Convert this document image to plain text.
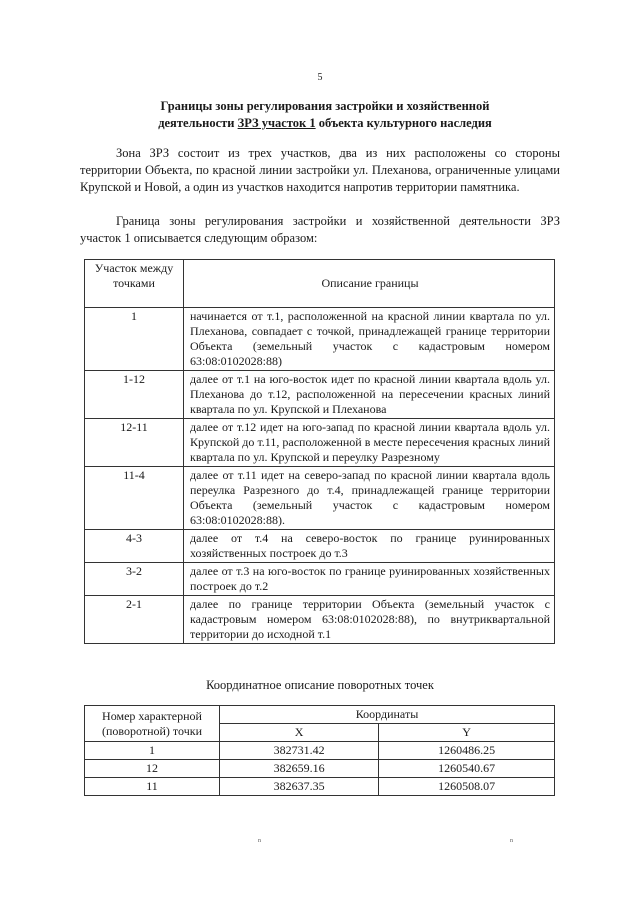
5
Границы зоны регулирования застройки и хозяйственной
деятельности ЗРЗ участок 1 объекта культурного наследия

Зона ЗРЗ состоит из трех участков, два из них расположены со стороны территории Объекта, по красной линии застройки ул. Плеханова, ограниченные улицами Крупской и Новой, а один из участков находится напротив территории памятника.

Граница зоны регулирования застройки и хозяйственной деятельности ЗРЗ участок 1 описывается следующим образом:

Участок между точками	Описание границы
1	начинается от т.1, расположенной на красной линии квартала по ул. Плеханова, совпадает с точкой, принадлежащей границе территории Объекта (земельный участок с кадастровым номером 63:08:0102028:88)
1-12	далее от т.1 на юго-восток идет по красной линии квартала вдоль ул. Плеханова до т.12, расположенной на пересечении красных линий квартала по ул. Крупской и Плеханова
12-11	далее от т.12 идет на юго-запад по красной линии квартала вдоль ул. Крупской до т.11, расположенной в месте пересечения красных линий квартала по ул. Крупской и переулку Разрезному
11-4	далее от т.11 идет на северо-запад по красной линии квартала вдоль переулка Разрезного до т.4, принадлежащей границе территории Объекта (земельный участок с кадастровым номером 63:08:0102028:88).
4-3	далее от т.4 на северо-восток по границе руинированных хозяйственных построек до т.3
3-2	далее от т.3 на юго-восток по границе руинированных хозяйственных построек до т.2
2-1	далее по границе территории Объекта (земельный участок с кадастровым номером 63:08:0102028:88), по внутриквартальной территории до исходной т.1
Координатное описание поворотных точек
Номер характерной (поворотной) точки	Координаты	
	X	Y
1	382731.42	1260486.25
12	382659.16	1260540.67
11	382637.35	1260508.07
n	n
